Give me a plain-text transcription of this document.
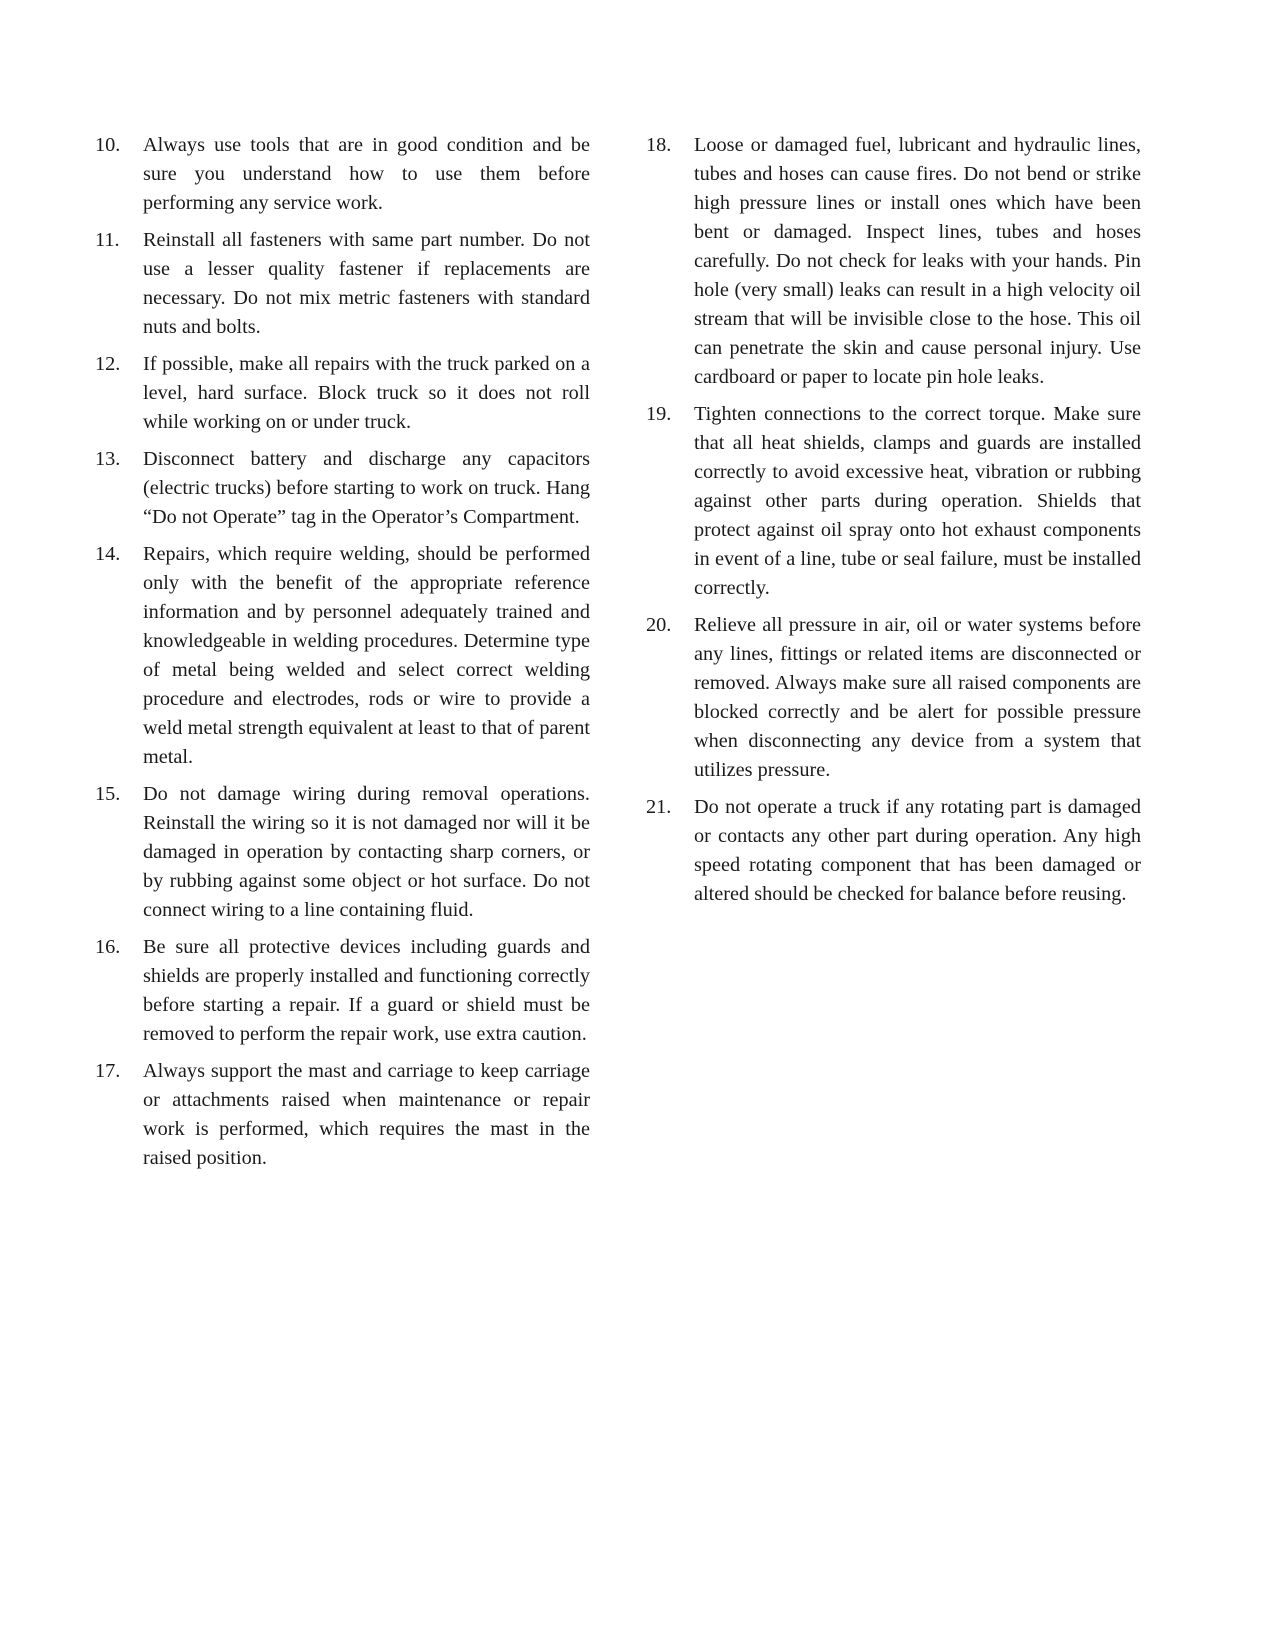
10.	Always use tools that are in good condition and be sure you understand how to use them before performing any service work.
11.	Reinstall all fasteners with same part number. Do not use a lesser quality fastener if replacements are necessary. Do not mix metric fasteners with standard nuts and bolts.
12.	If possible, make all repairs with the truck parked on a level, hard surface. Block truck so it does not roll while working on or under truck.
13.	Disconnect battery and discharge any capacitors (electric trucks) before starting to work on truck. Hang “Do not Operate” tag in the Operator’s Compartment.
14.	Repairs, which require welding, should be performed only with the benefit of the appropriate reference information and by personnel adequately trained and knowledgeable in welding procedures. Determine type of metal being welded and select correct welding procedure and electrodes, rods or wire to provide a weld metal strength equivalent at least to that of parent metal.
15.	Do not damage wiring during removal operations. Reinstall the wiring so it is not damaged nor will it be damaged in operation by contacting sharp corners, or by rubbing against some object or hot surface. Do not connect wiring to a line containing fluid.
16.	Be sure all protective devices including guards and shields are properly installed and functioning correctly before starting a repair. If a guard or shield must be removed to perform the repair work, use extra caution.
17.	Always support the mast and carriage to keep carriage or attachments raised when maintenance or repair work is performed, which requires the mast in the raised position.
18.	Loose or damaged fuel, lubricant and hydraulic lines, tubes and hoses can cause fires. Do not bend or strike high pressure lines or install ones which have been bent or damaged. Inspect lines, tubes and hoses carefully. Do not check for leaks with your hands. Pin hole (very small) leaks can result in a high velocity oil stream that will be invisible close to the hose. This oil can penetrate the skin and cause personal injury. Use cardboard or paper to locate pin hole leaks.
19.	Tighten connections to the correct torque. Make sure that all heat shields, clamps and guards are installed correctly to avoid excessive heat, vibration or rubbing against other parts during operation. Shields that protect against oil spray onto hot exhaust components in event of a line, tube or seal failure, must be installed correctly.
20.	Relieve all pressure in air, oil or water systems before any lines, fittings or related items are disconnected or removed. Always make sure all raised components are blocked correctly and be alert for possible pressure when disconnecting any device from a system that utilizes pressure.
21.	Do not operate a truck if any rotating part is damaged or contacts any other part during operation. Any high speed rotating component that has been damaged or altered should be checked for balance before reusing.
